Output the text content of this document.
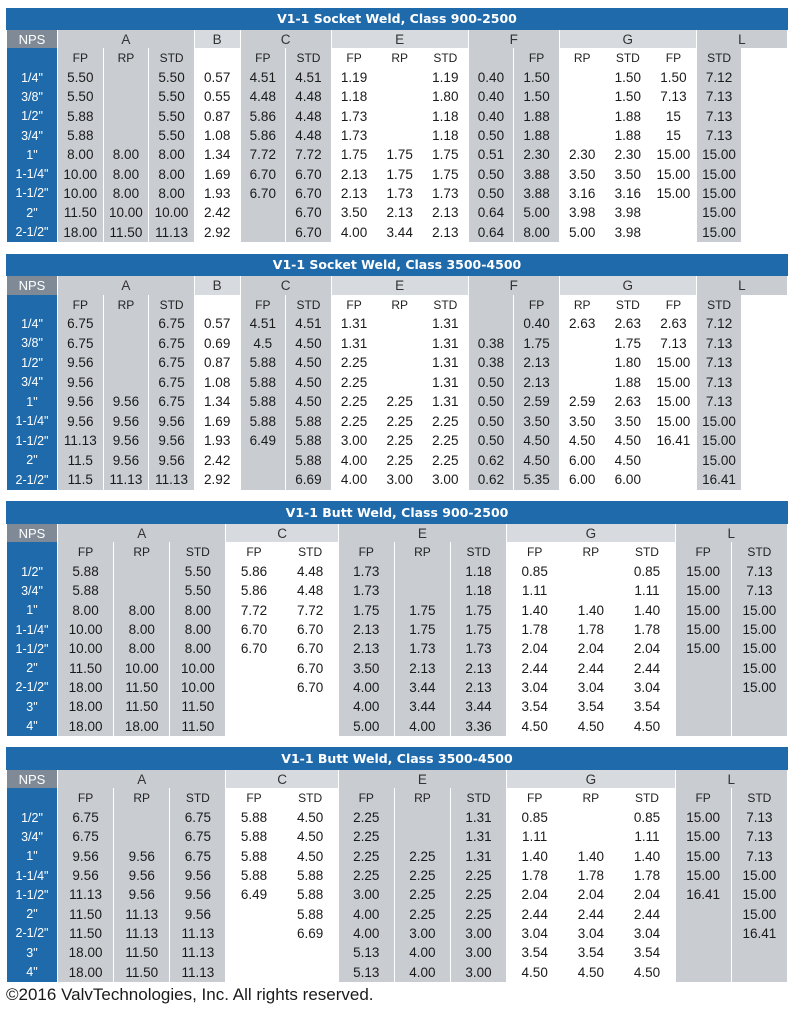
V1-1 Socket Weld, Class 900-2500
NPS	A			B	C		E			F		G			L
	FP	RP	STD		FP	STD	FP	RP	STD		FP	RP	STD	FP	STD
1/4"	5.50		5.50	0.57	4.51	4.51	1.19		1.19	0.40	1.50		1.50	1.50	7.12
3/8"	5.50		5.50	0.55	4.48	4.48	1.18		1.80	0.40	1.50		1.50	7.13	7.13
1/2"	5.88		5.50	0.87	5.86	4.48	1.73		1.18	0.40	1.88		1.88	15	7.13
3/4"	5.88		5.50	1.08	5.86	4.48	1.73		1.18	0.50	1.88		1.88	15	7.13
1"	8.00	8.00	8.00	1.34	7.72	7.72	1.75	1.75	1.75	0.51	2.30	2.30	2.30	15.00	15.00
1-1/4"	10.00	8.00	8.00	1.69	6.70	6.70	2.13	1.75	1.75	0.50	3.88	3.50	3.50	15.00	15.00
1-1/2"	10.00	8.00	8.00	1.93	6.70	6.70	2.13	1.73	1.73	0.50	3.88	3.16	3.16	15.00	15.00
2"	11.50	10.00	10.00	2.42		6.70	3.50	2.13	2.13	0.64	5.00	3.98	3.98		15.00
2-1/2"	18.00	11.50	11.13	2.92		6.70	4.00	3.44	2.13	0.64	8.00	5.00	3.98		15.00
V1-1 Socket Weld, Class 3500-4500
NPS	A			B	C		E			F		G			L
	FP	RP	STD		FP	STD	FP	RP	STD		FP	RP	STD	FP	STD
1/4"	6.75		6.75	0.57	4.51	4.51	1.31		1.31		0.40	2.63	2.63	2.63	7.12
3/8"	6.75		6.75	0.69	4.5	4.50	1.31		1.31	0.38	1.75		1.75	7.13	7.13
1/2"	9.56		6.75	0.87	5.88	4.50	2.25		1.31	0.38	2.13		1.80	15.00	7.13
3/4"	9.56		6.75	1.08	5.88	4.50	2.25		1.31	0.50	2.13		1.88	15.00	7.13
1"	9.56	9.56	6.75	1.34	5.88	4.50	2.25	2.25	1.31	0.50	2.59	2.59	2.63	15.00	7.13
1-1/4"	9.56	9.56	9.56	1.69	5.88	5.88	2.25	2.25	2.25	0.50	3.50	3.50	3.50	15.00	15.00
1-1/2"	11.13	9.56	9.56	1.93	6.49	5.88	3.00	2.25	2.25	0.50	4.50	4.50	4.50	16.41	15.00
2"	11.5	9.56	9.56	2.42		5.88	4.00	2.25	2.25	0.62	4.50	6.00	4.50		15.00
2-1/2"	11.5	11.13	11.13	2.92		6.69	4.00	3.00	3.00	0.62	5.35	6.00	6.00		16.41
V1-1 Butt Weld, Class 900-2500
NPS	A			C		E			G			L	
	FP	RP	STD	FP	STD	FP	RP	STD	FP	RP	STD	FP	STD
1/2"	5.88		5.50	5.86	4.48	1.73		1.18	0.85		0.85	15.00	7.13
3/4"	5.88		5.50	5.86	4.48	1.73		1.18	1.11		1.11	15.00	7.13
1"	8.00	8.00	8.00	7.72	7.72	1.75	1.75	1.75	1.40	1.40	1.40	15.00	15.00
1-1/4"	10.00	8.00	8.00	6.70	6.70	2.13	1.75	1.75	1.78	1.78	1.78	15.00	15.00
1-1/2"	10.00	8.00	8.00	6.70	6.70	2.13	1.73	1.73	2.04	2.04	2.04	15.00	15.00
2"	11.50	10.00	10.00		6.70	3.50	2.13	2.13	2.44	2.44	2.44		15.00
2-1/2"	18.00	11.50	10.00		6.70	4.00	3.44	2.13	3.04	3.04	3.04		15.00
3"	18.00	11.50	11.50			4.00	3.44	3.44	3.54	3.54	3.54		
4"	18.00	18.00	11.50			5.00	4.00	3.36	4.50	4.50	4.50		
V1-1 Butt Weld, Class 3500-4500
NPS	A			C		E			G			L	
	FP	RP	STD	FP	STD	FP	RP	STD	FP	RP	STD	FP	STD
1/2"	6.75		6.75	5.88	4.50	2.25		1.31	0.85		0.85	15.00	7.13
3/4"	6.75		6.75	5.88	4.50	2.25		1.31	1.11		1.11	15.00	7.13
1"	9.56	9.56	6.75	5.88	4.50	2.25	2.25	1.31	1.40	1.40	1.40	15.00	7.13
1-1/4"	9.56	9.56	9.56	5.88	5.88	2.25	2.25	2.25	1.78	1.78	1.78	15.00	15.00
1-1/2"	11.13	9.56	9.56	6.49	5.88	3.00	2.25	2.25	2.04	2.04	2.04	16.41	15.00
2"	11.50	11.13	9.56		5.88	4.00	2.25	2.25	2.44	2.44	2.44		15.00
2-1/2"	11.50	11.13	11.13		6.69	4.00	3.00	3.00	3.04	3.04	3.04		16.41
3"	18.00	11.50	11.13			5.13	4.00	3.00	3.54	3.54	3.54		
4"	18.00	11.50	11.13			5.13	4.00	3.00	4.50	4.50	4.50		
©2016 ValvTechnologies, Inc. All rights reserved.
